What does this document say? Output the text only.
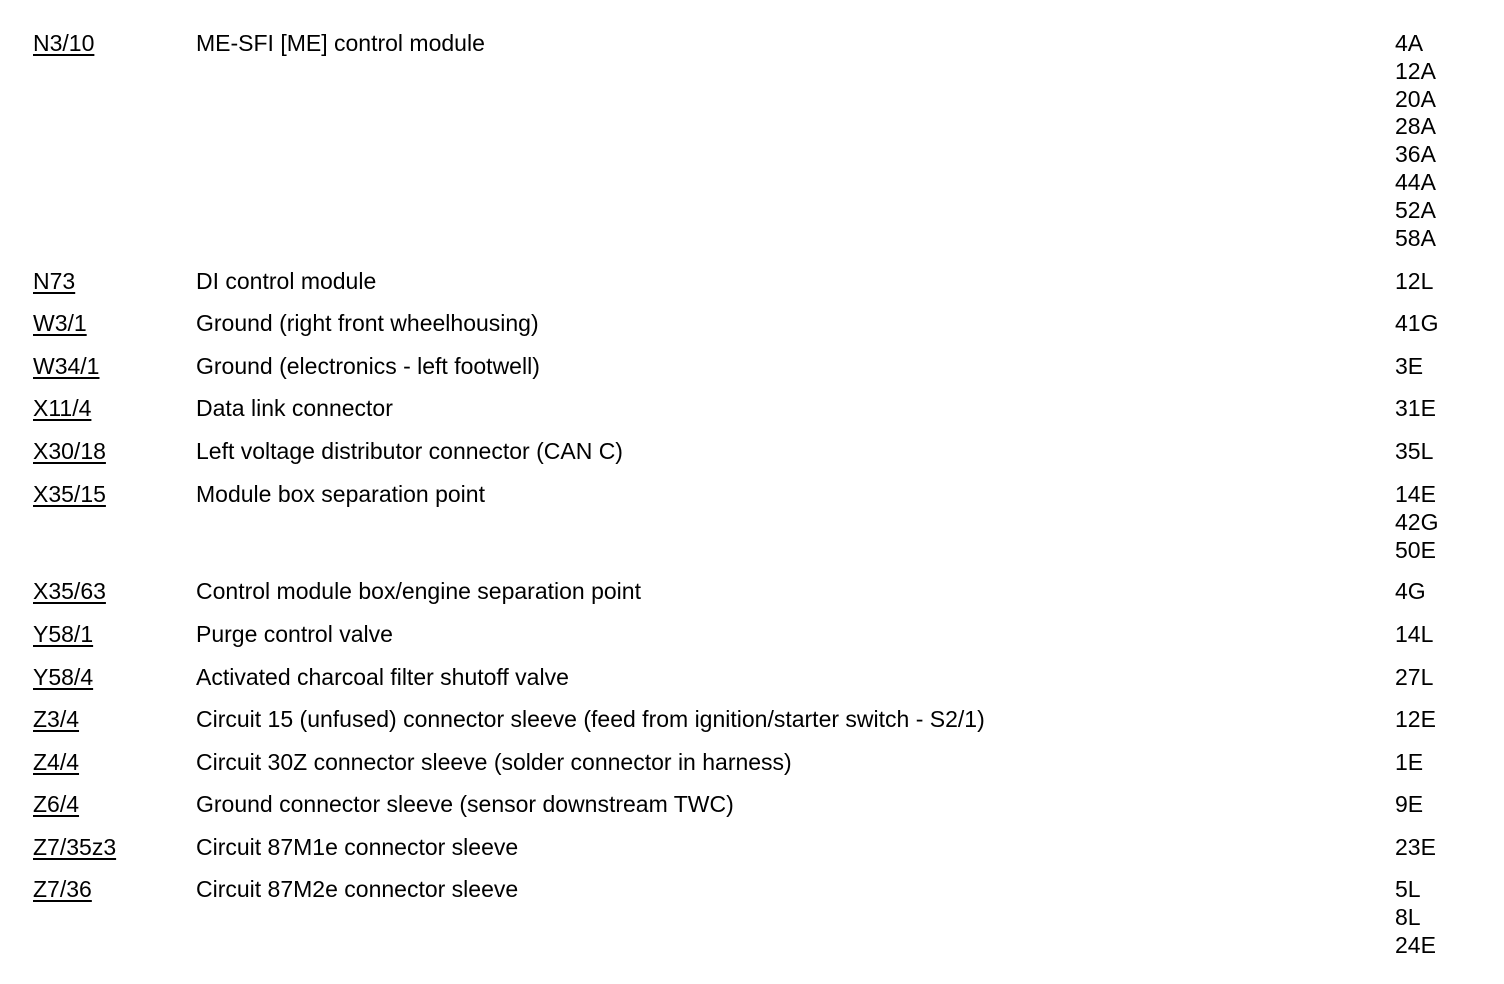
N3/10	ME-SFI [ME] control module	4A
12A
20A
28A
36A
44A
52A
58A
N73	DI control module	12L
W3/1	Ground (right front wheelhousing)	41G
W34/1	Ground (electronics - left footwell)	3E
X11/4	Data link connector	31E
X30/18	Left voltage distributor connector (CAN C)	35L
X35/15	Module box separation point	14E
42G
50E
X35/63	Control module box/engine separation point	4G
Y58/1	Purge control valve	14L
Y58/4	Activated charcoal filter shutoff valve	27L
Z3/4	Circuit 15 (unfused) connector sleeve (feed from ignition/starter switch - S2/1)	12E
Z4/4	Circuit 30Z connector sleeve (solder connector in harness)	1E
Z6/4	Ground connector sleeve (sensor downstream TWC)	9E
Z7/35z3	Circuit 87M1e connector sleeve	23E
Z7/36	Circuit 87M2e connector sleeve	5L
8L
24E
